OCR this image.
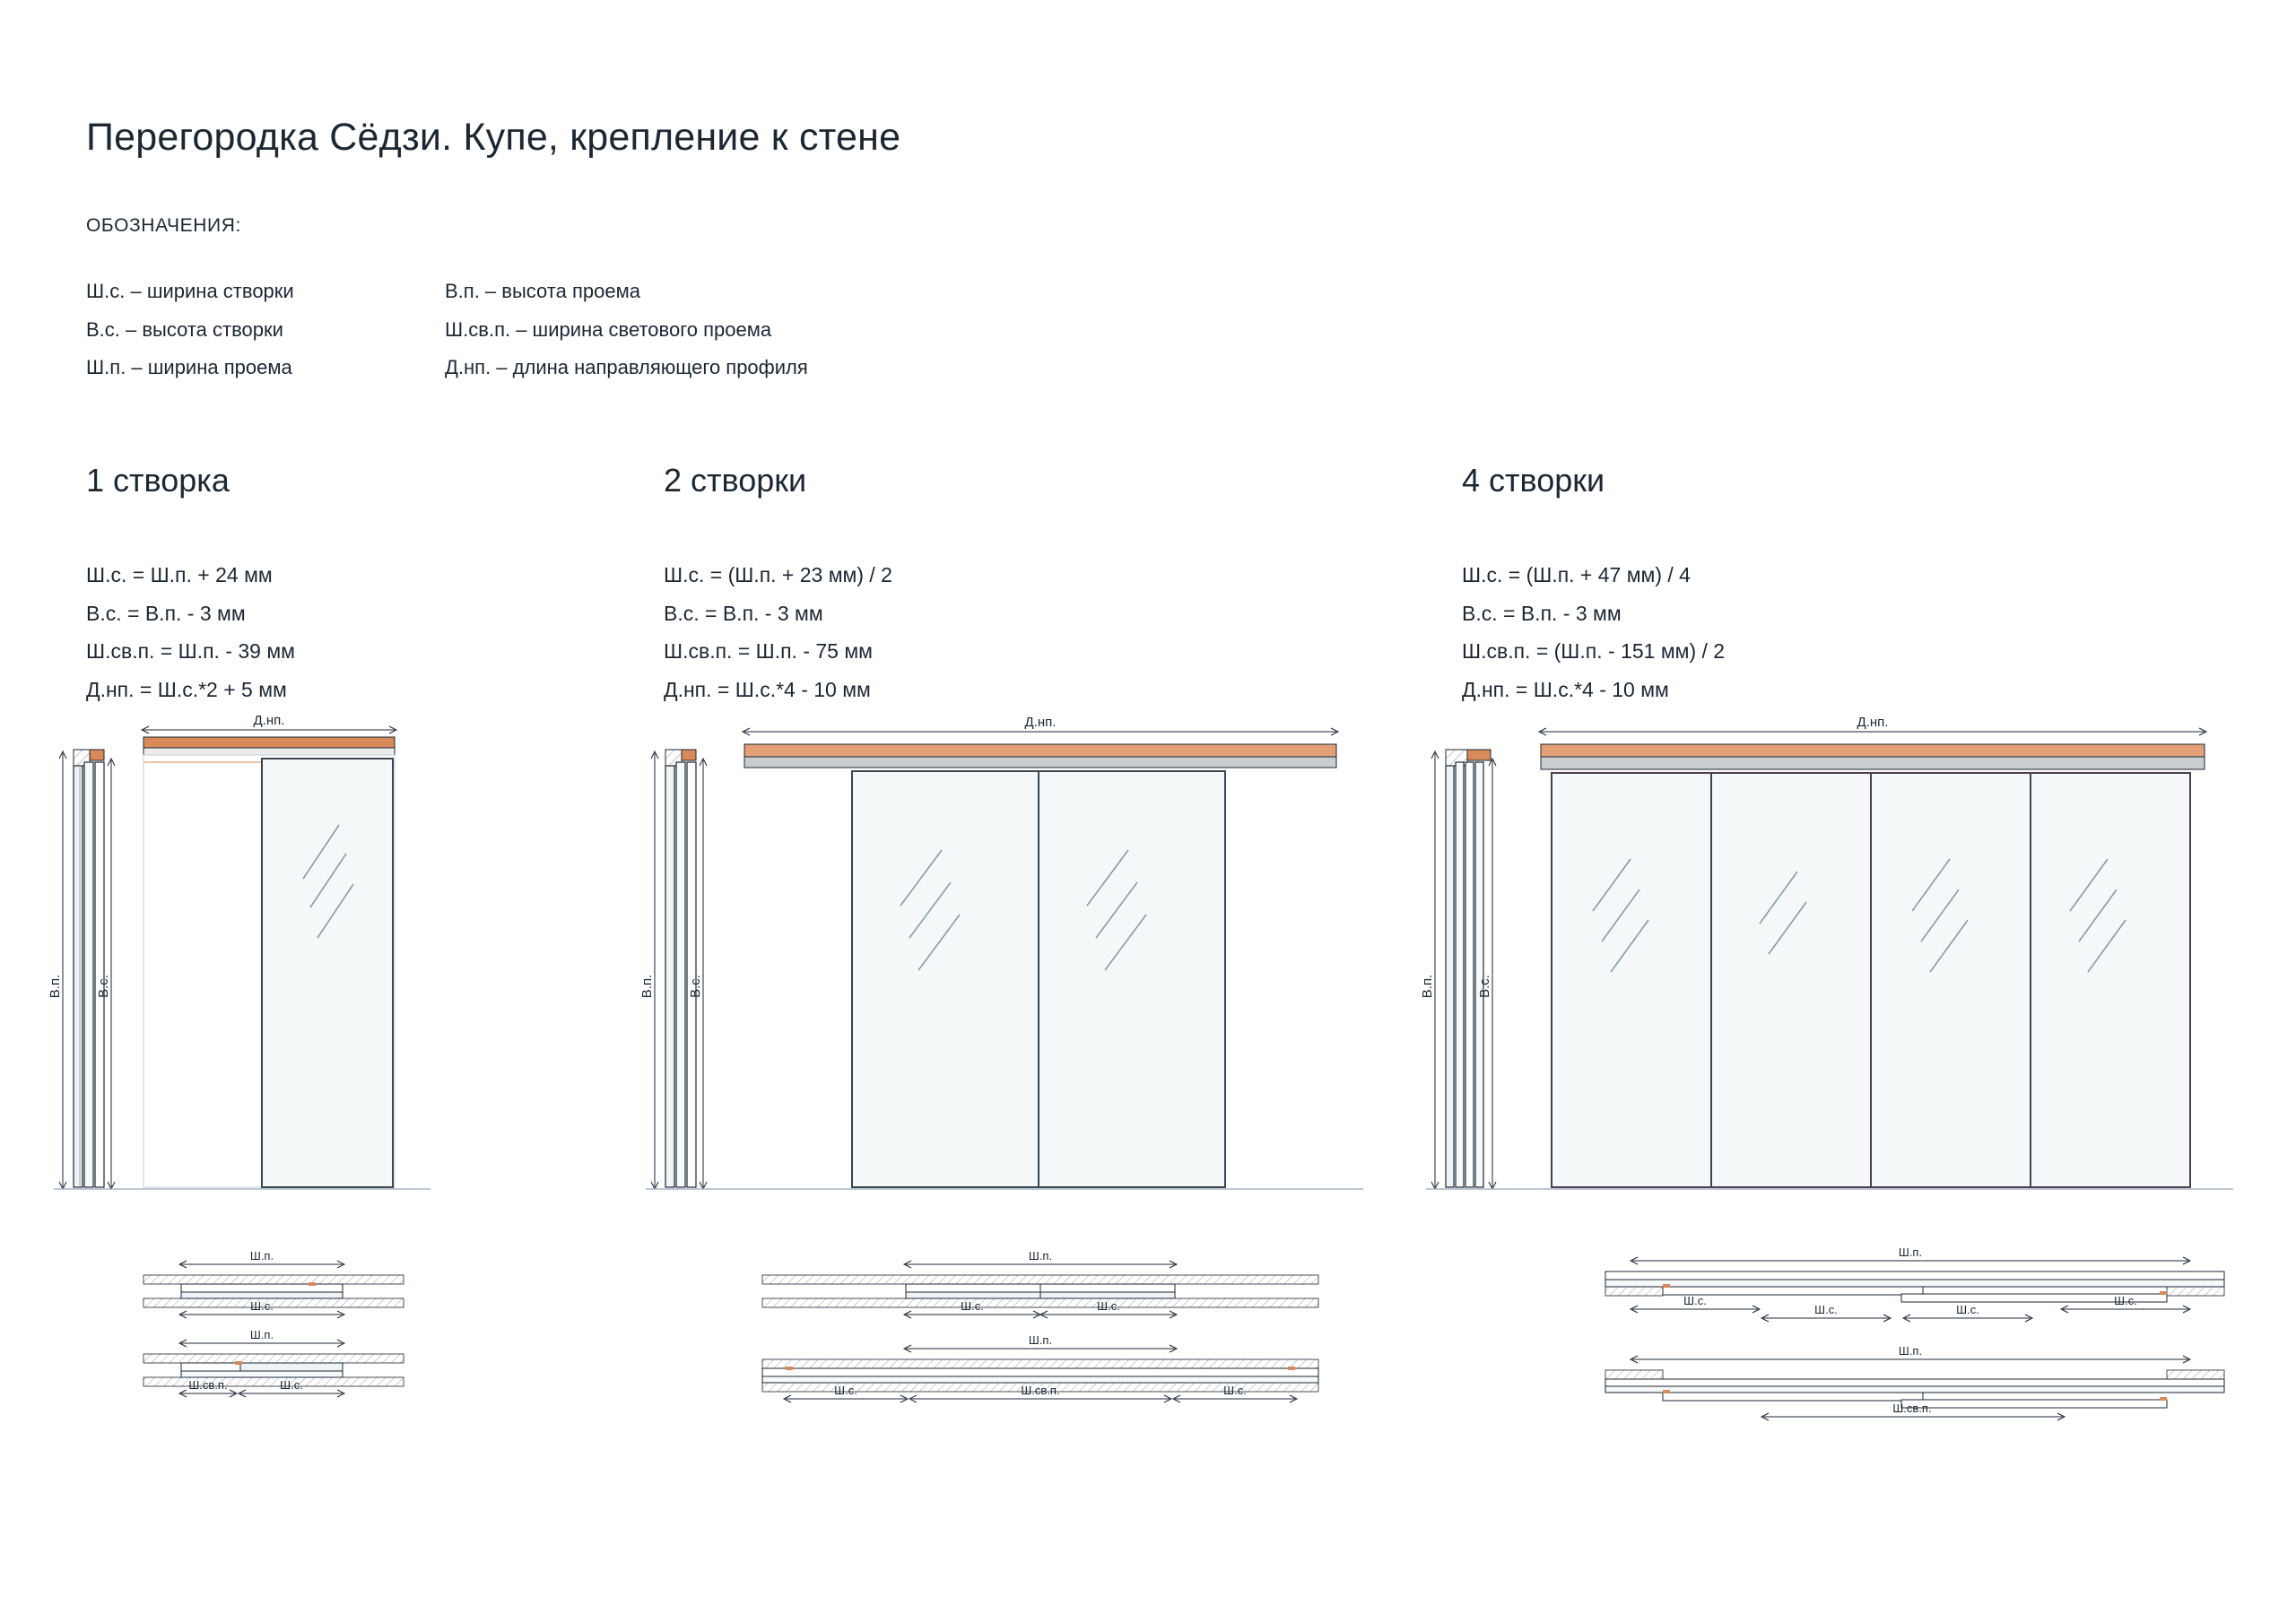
Перегородка Сёдзи. Купе, крепление к стене
ОБОЗНАЧЕНИЯ:
Ш.с. – ширина створки	В.п. – высота проема
В.с. – высота створки	Ш.св.п. – ширина светового проема
Ш.п. – ширина проема	Д.нп. – длина направляющего профиля
1 створка	2 створки	4 створки
Ш.с. = Ш.п. + 24 мм
В.с. = В.п. - 3 мм
Ш.св.п. = Ш.п. - 39 мм
Д.нп. = Ш.с.*2 + 5 мм
Ш.с. = (Ш.п. + 23 мм) / 2
В.с. = В.п. - 3 мм
Ш.св.п. = Ш.п. - 75 мм
Д.нп. = Ш.с.*4 - 10 мм
Ш.с. = (Ш.п. + 47 мм) / 4
В.с. = В.п. - 3 мм
Ш.св.п. = (Ш.п. - 151 мм) / 2
Д.нп. = Ш.с.*4 - 10 мм
В.п. В.с.
Д.нп.
Ш.п.
Ш.с.
Ш.п.
Ш.св.п.	Ш.с.
В.п. В.с.
Д.нп.
Ш.п.
Ш.с.	Ш.с.
Ш.п.
Ш.с.	Ш.св.п.	Ш.с.
В.п.	В.с.
Д.нп.
Ш.п.
Ш.с.
Ш.с.	Ш.с.
Ш.с.
Ш.п.
Ш.св.п.
